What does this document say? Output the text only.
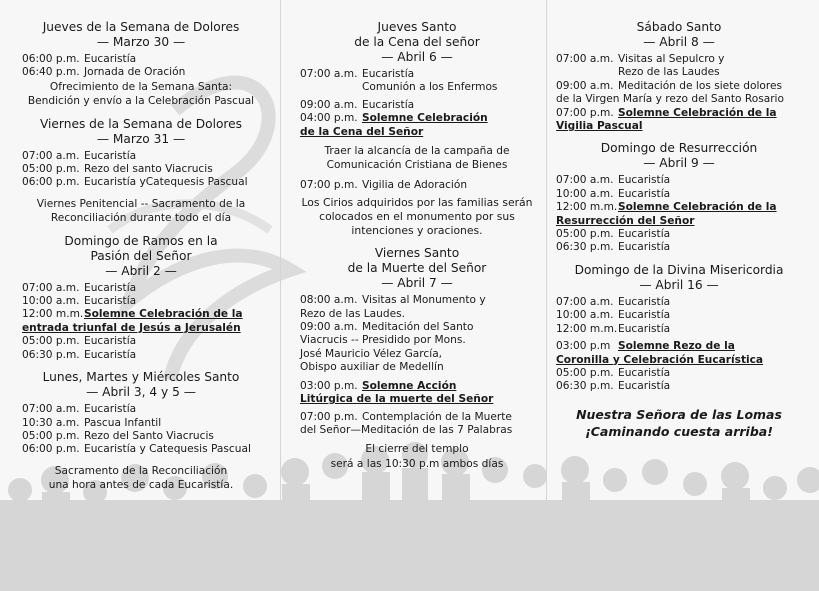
Jueves de la Semana de Dolores

— Marzo 30 —

06:00 p.m. Eucaristía
06:40 p.m. Jornada de Oración

Ofrecimiento de la Semana Santa:

Bendición y envío a la Celebración Pascual

Viernes de la Semana de Dolores

— Marzo 31 —

07:00 a.m. Eucaristía
05:00 p.m. Rezo del santo Viacrucis
06:00 p.m. Eucaristía yCatequesis Pascual

Viernes Penitencial -- Sacramento de la

Reconciliación durante todo el día

Domingo de Ramos en la

Pasión del Señor

— Abril 2 —

07:00 a.m. Eucaristía
10:00 a.m. Eucaristía
12:00 m.m. Solemne Celebración de la
entrada triunfal de Jesús a Jerusalén
05:00 p.m. Eucaristía
06:30 p.m. Eucaristía

Lunes, Martes y Miércoles Santo

— Abril 3, 4 y 5 —

07:00 a.m. Eucaristía
10:30 a.m. Pascua Infantil
05:00 p.m. Rezo del Santo Viacrucis
06:00 p.m. Eucaristía y Catequesis Pascual

Sacramento de la Reconciliación

una hora antes de cada Eucaristía.

Jueves Santo

de la Cena del señor

— Abril 6 —

07:00 a.m. Eucaristía
Comunión a los Enfermos
09:00 a.m. Eucaristía
04:00 p.m. Solemne Celebración
de la Cena del Señor

Traer la alcancía de la campaña de

Comunicación Cristiana de Bienes

07:00 p.m. Vigilia de Adoración

Los Cirios adquiridos por las familias serán colocados en el monumento por sus intenciones y oraciones.

Viernes Santo

de la Muerte del Señor

— Abril 7 —

08:00 a.m. Visitas al Monumento y
Rezo de las Laudes.
09:00 a.m. Meditación del Santo
Viacrucis -- Presidido por Mons.
José Mauricio Vélez García,
Obispo auxiliar de Medellín
03:00 p.m. Solemne Acción
Litúrgica de la muerte del Señor
07:00 p.m. Contemplación de la Muerte
del Señor—Meditación de las 7 Palabras

El cierre del templo

será a las 10:30 p.m ambos días

Sábado Santo

— Abril 8 —

07:00 a.m. Visitas al Sepulcro y
Rezo de las Laudes
09:00 a.m. Meditación de los siete dolores
de la Virgen María y rezo del Santo Rosario
07:00 p.m. Solemne Celebración de la
Vigilia Pascual

Domingo de Resurrección

— Abril 9 —

07:00 a.m. Eucaristía
10:00 a.m. Eucaristía
12:00 m.m. Solemne Celebración de la
Resurrección del Señor
05:00 p.m. Eucaristía
06:30 p.m. Eucaristía

Domingo de la Divina Misericordia

— Abril 16 —

07:00 a.m. Eucaristía
10:00 a.m. Eucaristía
12:00 m.m. Eucaristía
03:00 p.m Solemne Rezo de la
Coronilla y Celebración Eucarística
05:00 p.m. Eucaristía
06:30 p.m. Eucaristía
Nuestra Señora de las Lomas
¡Caminando cuesta arriba!
